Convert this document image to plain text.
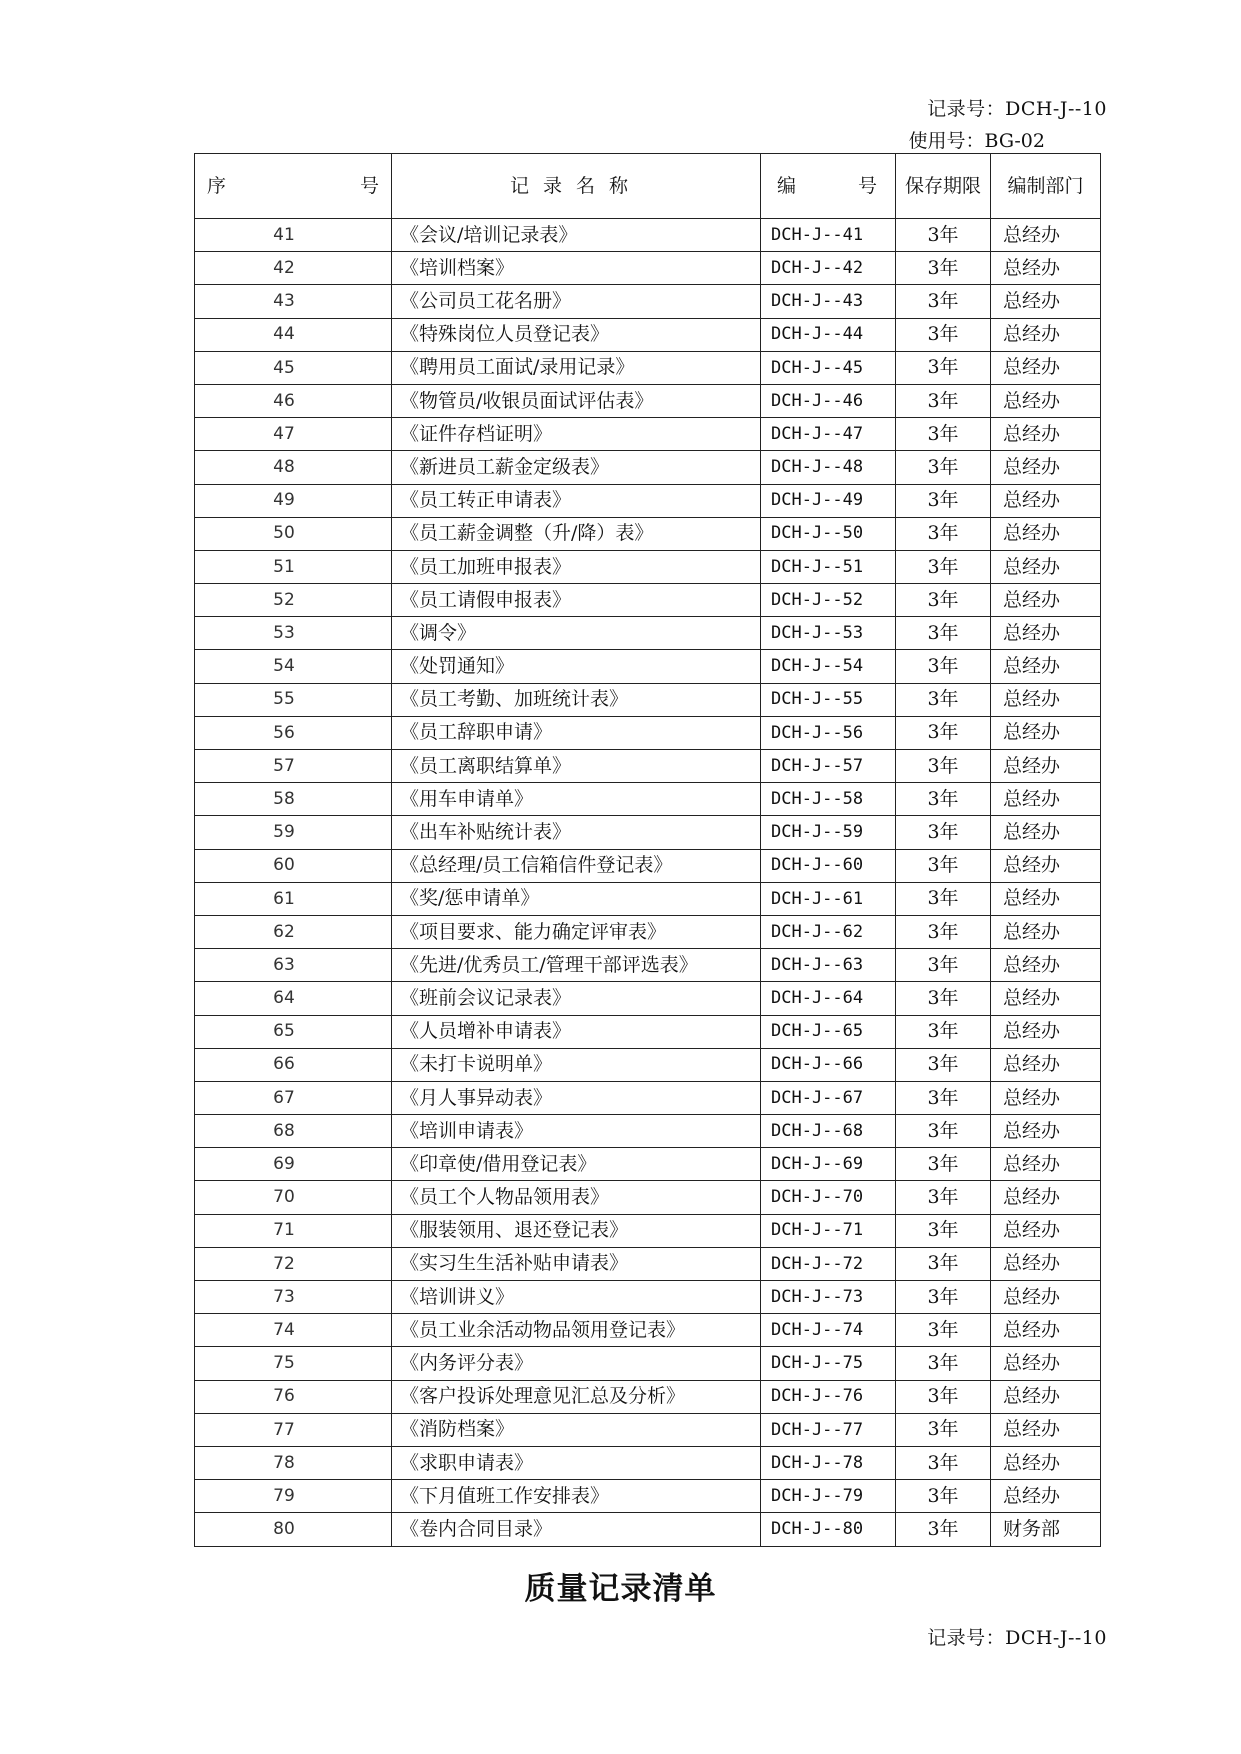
记录号：DCH-J--10
使用号：BG-02
序 号	记录名称	编 号	保存期限	编制部门
41	《会议/培训记录表》	DCH-J--41	3年	总经办
42	《培训档案》	DCH-J--42	3年	总经办
43	《公司员工花名册》	DCH-J--43	3年	总经办
44	《特殊岗位人员登记表》	DCH-J--44	3年	总经办
45	《聘用员工面试/录用记录》	DCH-J--45	3年	总经办
46	《物管员/收银员面试评估表》	DCH-J--46	3年	总经办
47	《证件存档证明》	DCH-J--47	3年	总经办
48	《新进员工薪金定级表》	DCH-J--48	3年	总经办
49	《员工转正申请表》	DCH-J--49	3年	总经办
50	《员工薪金调整（升/降）表》	DCH-J--50	3年	总经办
51	《员工加班申报表》	DCH-J--51	3年	总经办
52	《员工请假申报表》	DCH-J--52	3年	总经办
53	《调令》	DCH-J--53	3年	总经办
54	《处罚通知》	DCH-J--54	3年	总经办
55	《员工考勤、加班统计表》	DCH-J--55	3年	总经办
56	《员工辞职申请》	DCH-J--56	3年	总经办
57	《员工离职结算单》	DCH-J--57	3年	总经办
58	《用车申请单》	DCH-J--58	3年	总经办
59	《出车补贴统计表》	DCH-J--59	3年	总经办
60	《总经理/员工信箱信件登记表》	DCH-J--60	3年	总经办
61	《奖/惩申请单》	DCH-J--61	3年	总经办
62	《项目要求、能力确定评审表》	DCH-J--62	3年	总经办
63	《先进/优秀员工/管理干部评选表》	DCH-J--63	3年	总经办
64	《班前会议记录表》	DCH-J--64	3年	总经办
65	《人员增补申请表》	DCH-J--65	3年	总经办
66	《未打卡说明单》	DCH-J--66	3年	总经办
67	《月人事异动表》	DCH-J--67	3年	总经办
68	《培训申请表》	DCH-J--68	3年	总经办
69	《印章使/借用登记表》	DCH-J--69	3年	总经办
70	《员工个人物品领用表》	DCH-J--70	3年	总经办
71	《服装领用、退还登记表》	DCH-J--71	3年	总经办
72	《实习生生活补贴申请表》	DCH-J--72	3年	总经办
73	《培训讲义》	DCH-J--73	3年	总经办
74	《员工业余活动物品领用登记表》	DCH-J--74	3年	总经办
75	《内务评分表》	DCH-J--75	3年	总经办
76	《客户投诉处理意见汇总及分析》	DCH-J--76	3年	总经办
77	《消防档案》	DCH-J--77	3年	总经办
78	《求职申请表》	DCH-J--78	3年	总经办
79	《下月值班工作安排表》	DCH-J--79	3年	总经办
80	《卷内合同目录》	DCH-J--80	3年	财务部
质量记录清单
记录号：DCH-J--10
